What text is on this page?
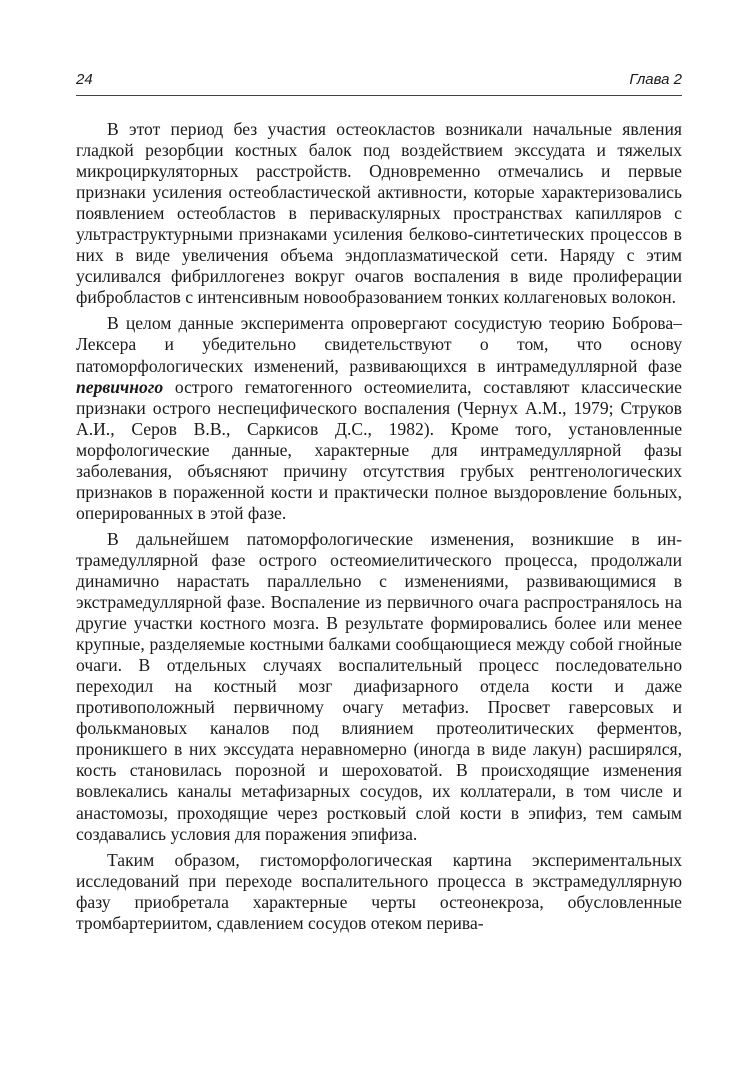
24	Глава 2

В этот период без участия остеокластов возникали начальные явления гладкой резорбции костных балок под воздействием экссудата и тяжелых микроциркуляторных расстройств. Одновременно отмечались и первые признаки усиления остеобластической активности, которые характеризовались появлением остеобластов в периваскулярных пространствах капилляров с ультраструктурными признаками усиления белково-синтетических процессов в них в виде увеличения объема эндоплазматической сети. Наряду с этим усиливался фибриллогенез вокруг очагов воспаления в виде пролиферации фибробластов с интенсивным новообразованием тонких коллагеновых волокон.

В целом данные эксперимента опровергают сосудистую теорию Боброва–Лексера и убедительно свидетельствуют о том, что основу патоморфологических изменений, развивающихся в интрамедуллярной фазе первичного острого гематогенного остеомиелита, составляют классические признаки острого неспецифического воспаления (Чернух А.М., 1979; Струков А.И., Серов В.В., Саркисов Д.С., 1982). Кроме того, установленные морфологические данные, характерные для интрамедуллярной фазы заболевания, объясняют причину отсутствия грубых рентгенологических признаков в пораженной кости и практически полное выздоровление больных, оперированных в этой фазе.

В дальнейшем патоморфологические изменения, возникшие в интрамедуллярной фазе острого остеомиелитического процесса, продолжали динамично нарастать параллельно с изменениями, развивающимися в экстрамедуллярной фазе. Воспаление из первичного очага распространялось на другие участки костного мозга. В результате формировались более или менее крупные, разделяемые костными балками сообщающиеся между собой гнойные очаги. В отдельных случаях воспалительный процесс последовательно переходил на костный мозг диафизарного отдела кости и даже противоположный первичному очагу метафиз. Просвет гаверсовых и фолькмановых каналов под влиянием протеолитических ферментов, проникшего в них экссудата неравномерно (иногда в виде лакун) расширялся, кость становилась порозной и шероховатой. В происходящие изменения вовлекались каналы метафизарных сосудов, их коллатерали, в том числе и анастомозы, проходящие через ростковый слой кости в эпифиз, тем самым создавались условия для поражения эпифиза.

Таким образом, гистоморфологическая картина экспериментальных исследований при переходе воспалительного процесса в экстрамедуллярную фазу приобретала характерные черты остеонекроза, обусловленные тромбартериитом, сдавлением сосудов отеком перива-
